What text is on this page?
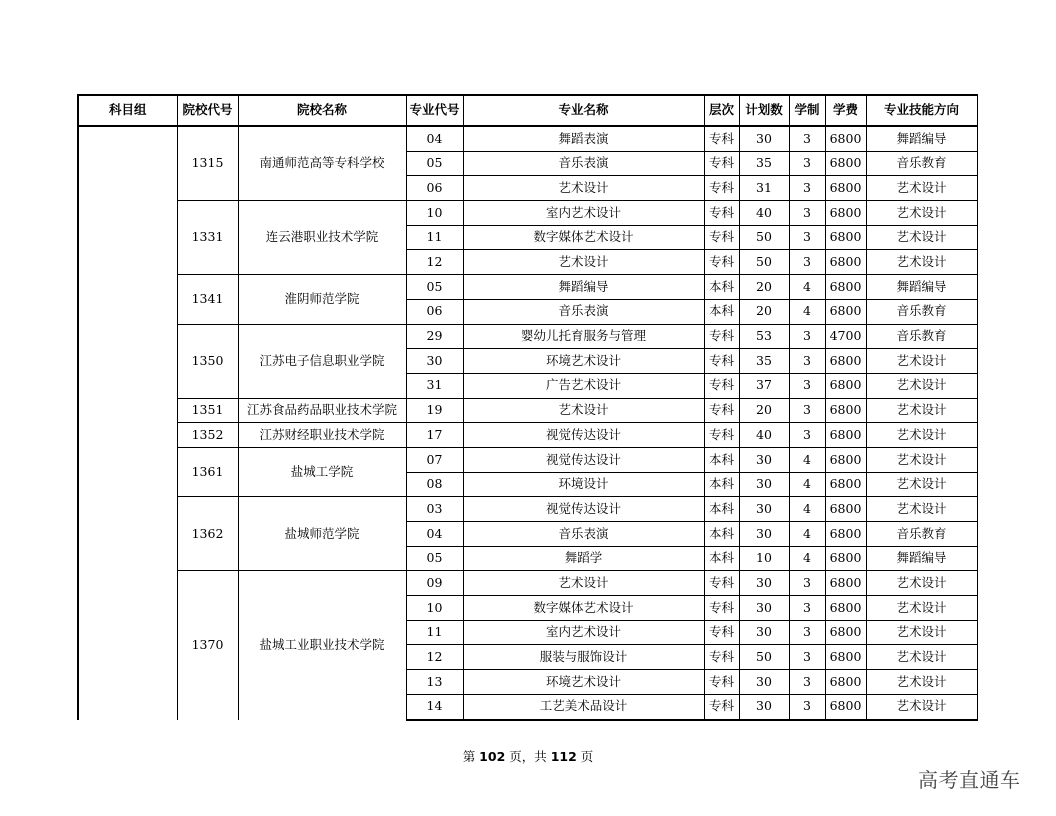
科目组	院校代号	院校名称	专业代号	专业名称	层次	计划数	学制	学费	专业技能方向
	1315	南通师范高等专科学校	04	舞蹈表演	专科	30	3	6800	舞蹈编导
			05	音乐表演	专科	35	3	6800	音乐教育
			06	艺术设计	专科	31	3	6800	艺术设计
	1331	连云港职业技术学院	10	室内艺术设计	专科	40	3	6800	艺术设计
			11	数字媒体艺术设计	专科	50	3	6800	艺术设计
			12	艺术设计	专科	50	3	6800	艺术设计
	1341	淮阴师范学院	05	舞蹈编导	本科	20	4	6800	舞蹈编导
			06	音乐表演	本科	20	4	6800	音乐教育
	1350	江苏电子信息职业学院	29	婴幼儿托育服务与管理	专科	53	3	4700	音乐教育
			30	环境艺术设计	专科	35	3	6800	艺术设计
			31	广告艺术设计	专科	37	3	6800	艺术设计
	1351	江苏食品药品职业技术学院	19	艺术设计	专科	20	3	6800	艺术设计
	1352	江苏财经职业技术学院	17	视觉传达设计	专科	40	3	6800	艺术设计
	1361	盐城工学院	07	视觉传达设计	本科	30	4	6800	艺术设计
			08	环境设计	本科	30	4	6800	艺术设计
	1362	盐城师范学院	03	视觉传达设计	本科	30	4	6800	艺术设计
			04	音乐表演	本科	30	4	6800	音乐教育
			05	舞蹈学	本科	10	4	6800	舞蹈编导
	1370	盐城工业职业技术学院	09	艺术设计	专科	30	3	6800	艺术设计
			10	数字媒体艺术设计	专科	30	3	6800	艺术设计
			11	室内艺术设计	专科	30	3	6800	艺术设计
			12	服装与服饰设计	专科	50	3	6800	艺术设计
			13	环境艺术设计	专科	30	3	6800	艺术设计
			14	工艺美术品设计	专科	30	3	6800	艺术设计
第 102 页，共 112 页
高考直通车
